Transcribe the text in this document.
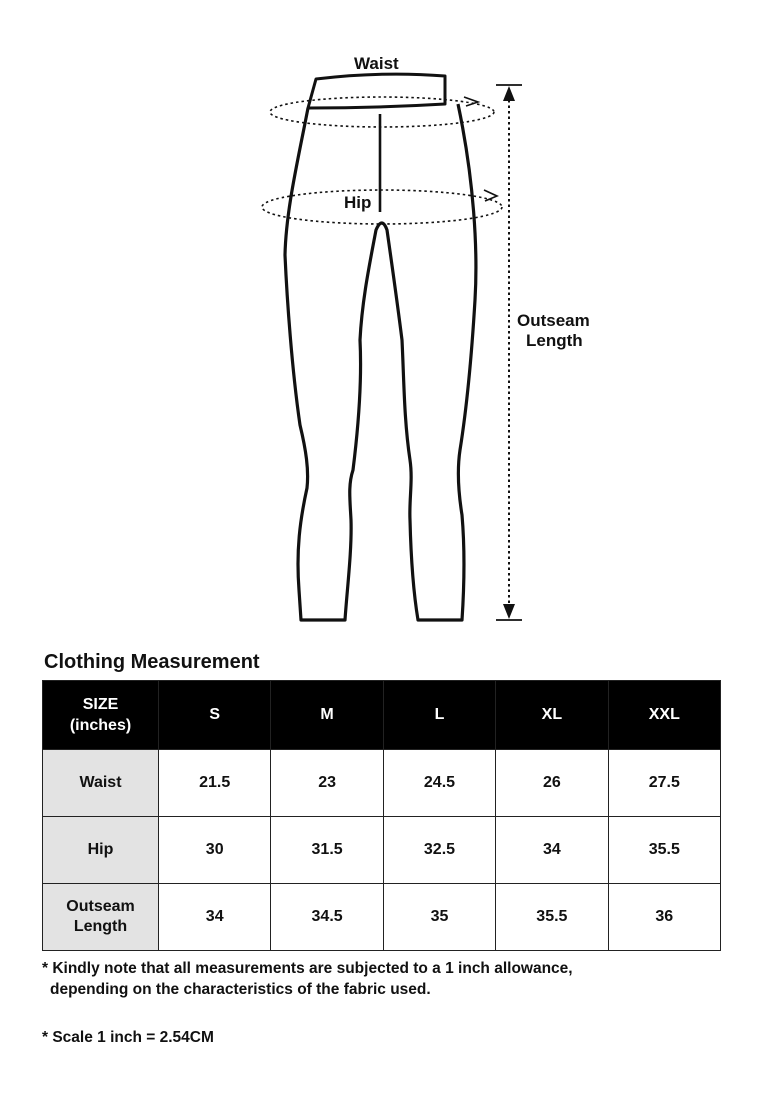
Waist
Hip
Outseam
Length
Clothing Measurement
SIZE
(inches)	S	M	L	XL	XXL
Waist	21.5	23	24.5	26	27.5
Hip	30	31.5	32.5	34	35.5

Outseam
Length	34	34.5	35	35.5	36
* Kindly note that all measurements are subjected to a 1 inch allowance,
depending on the characteristics of the fabric used.
* Scale 1 inch = 2.54CM
